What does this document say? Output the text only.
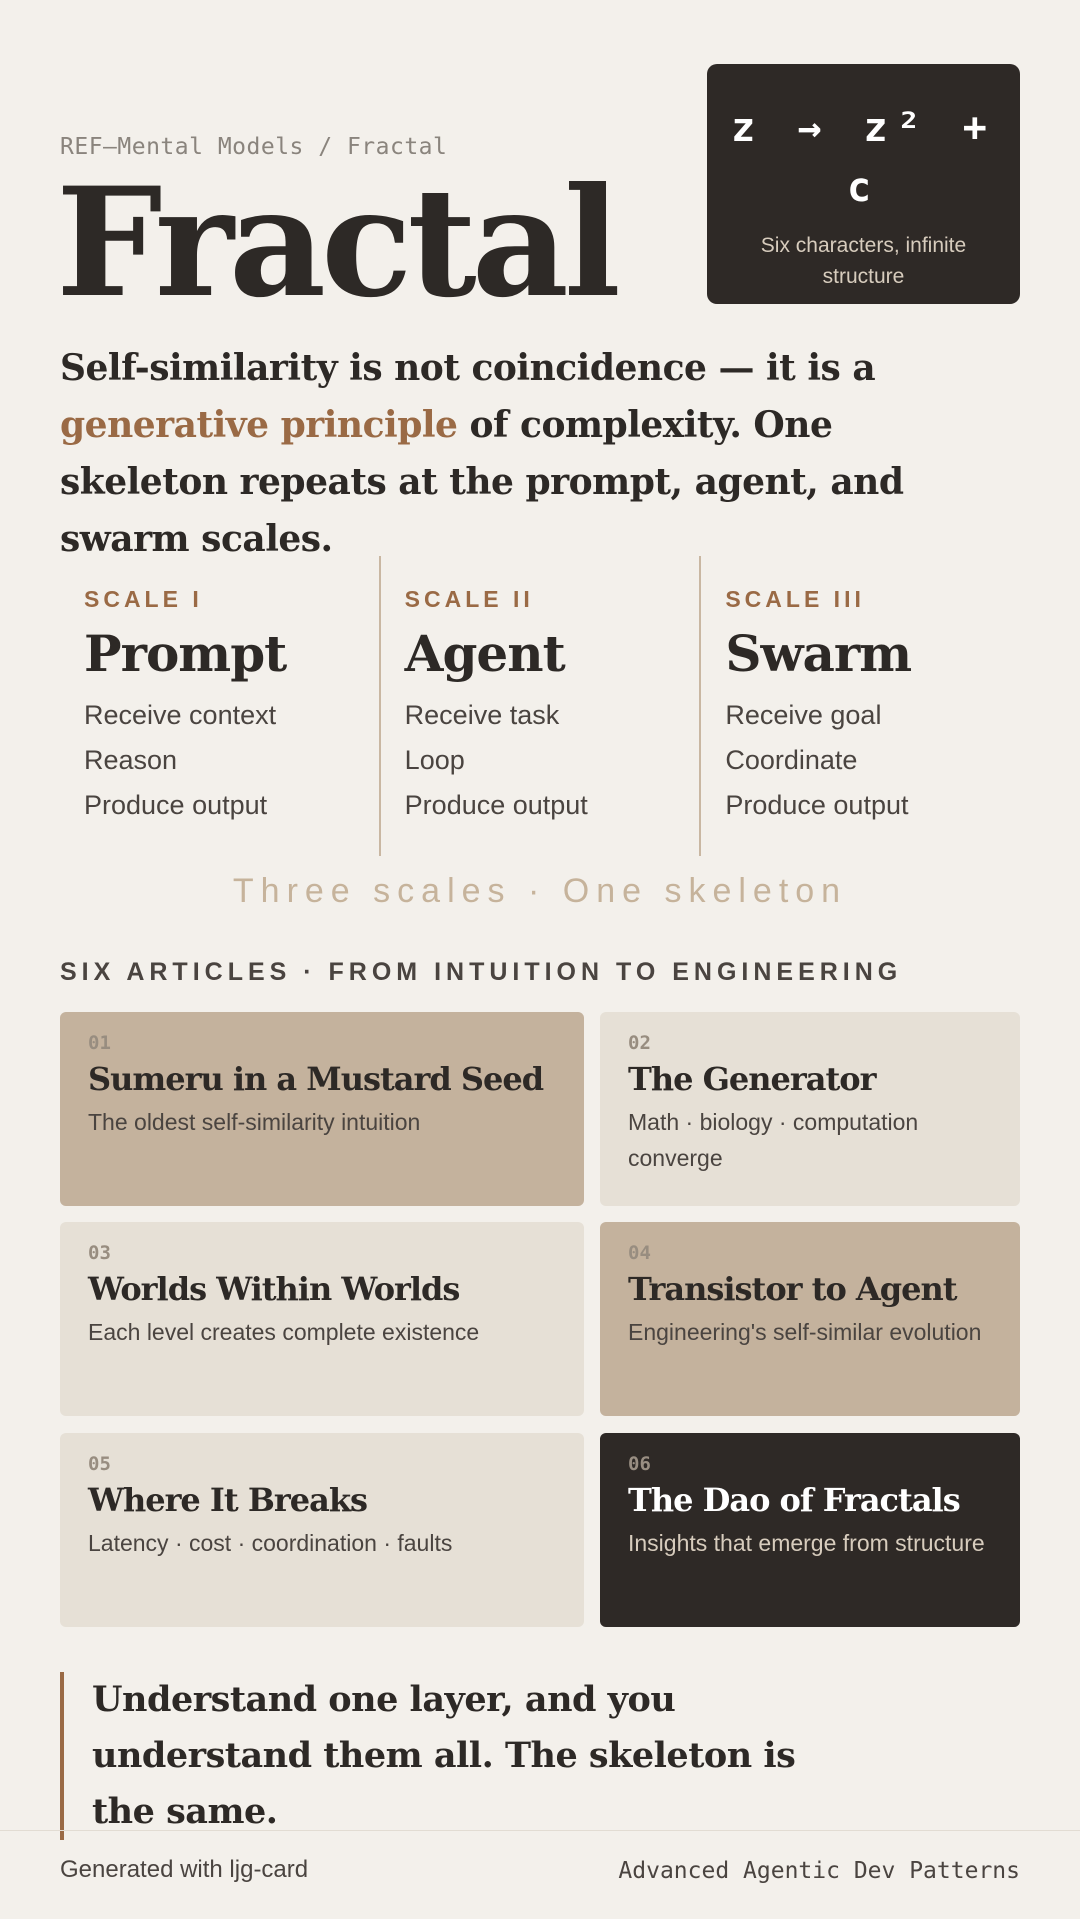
REF—Mental Models / Fractal
Fractal
z → z² + c
Six characters, infinite structure

Self-similarity is not coincidence — it is a generative principle of complexity. One skeleton repeats at the prompt, agent, and swarm scales.

SCALE I
Prompt
Receive context
Reason
Produce output
SCALE II
Agent
Receive task
Loop
Produce output
SCALE III
Swarm
Receive goal
Coordinate
Produce output
Three scales · One skeleton
SIX ARTICLES · FROM INTUITION TO ENGINEERING
01
Sumeru in a Mustard Seed
The oldest self-similarity intuition
02
The Generator
Math · biology · computation converge
03
Worlds Within Worlds
Each level creates complete existence
04
Transistor to Agent
Engineering's self-similar evolution
05
Where It Breaks
Latency · cost · coordination · faults
06
The Dao of Fractals
Insights that emerge from structure

Understand one layer, and you understand them all. The skeleton is the same.

Generated with ljg-card	Advanced Agentic Dev Patterns
